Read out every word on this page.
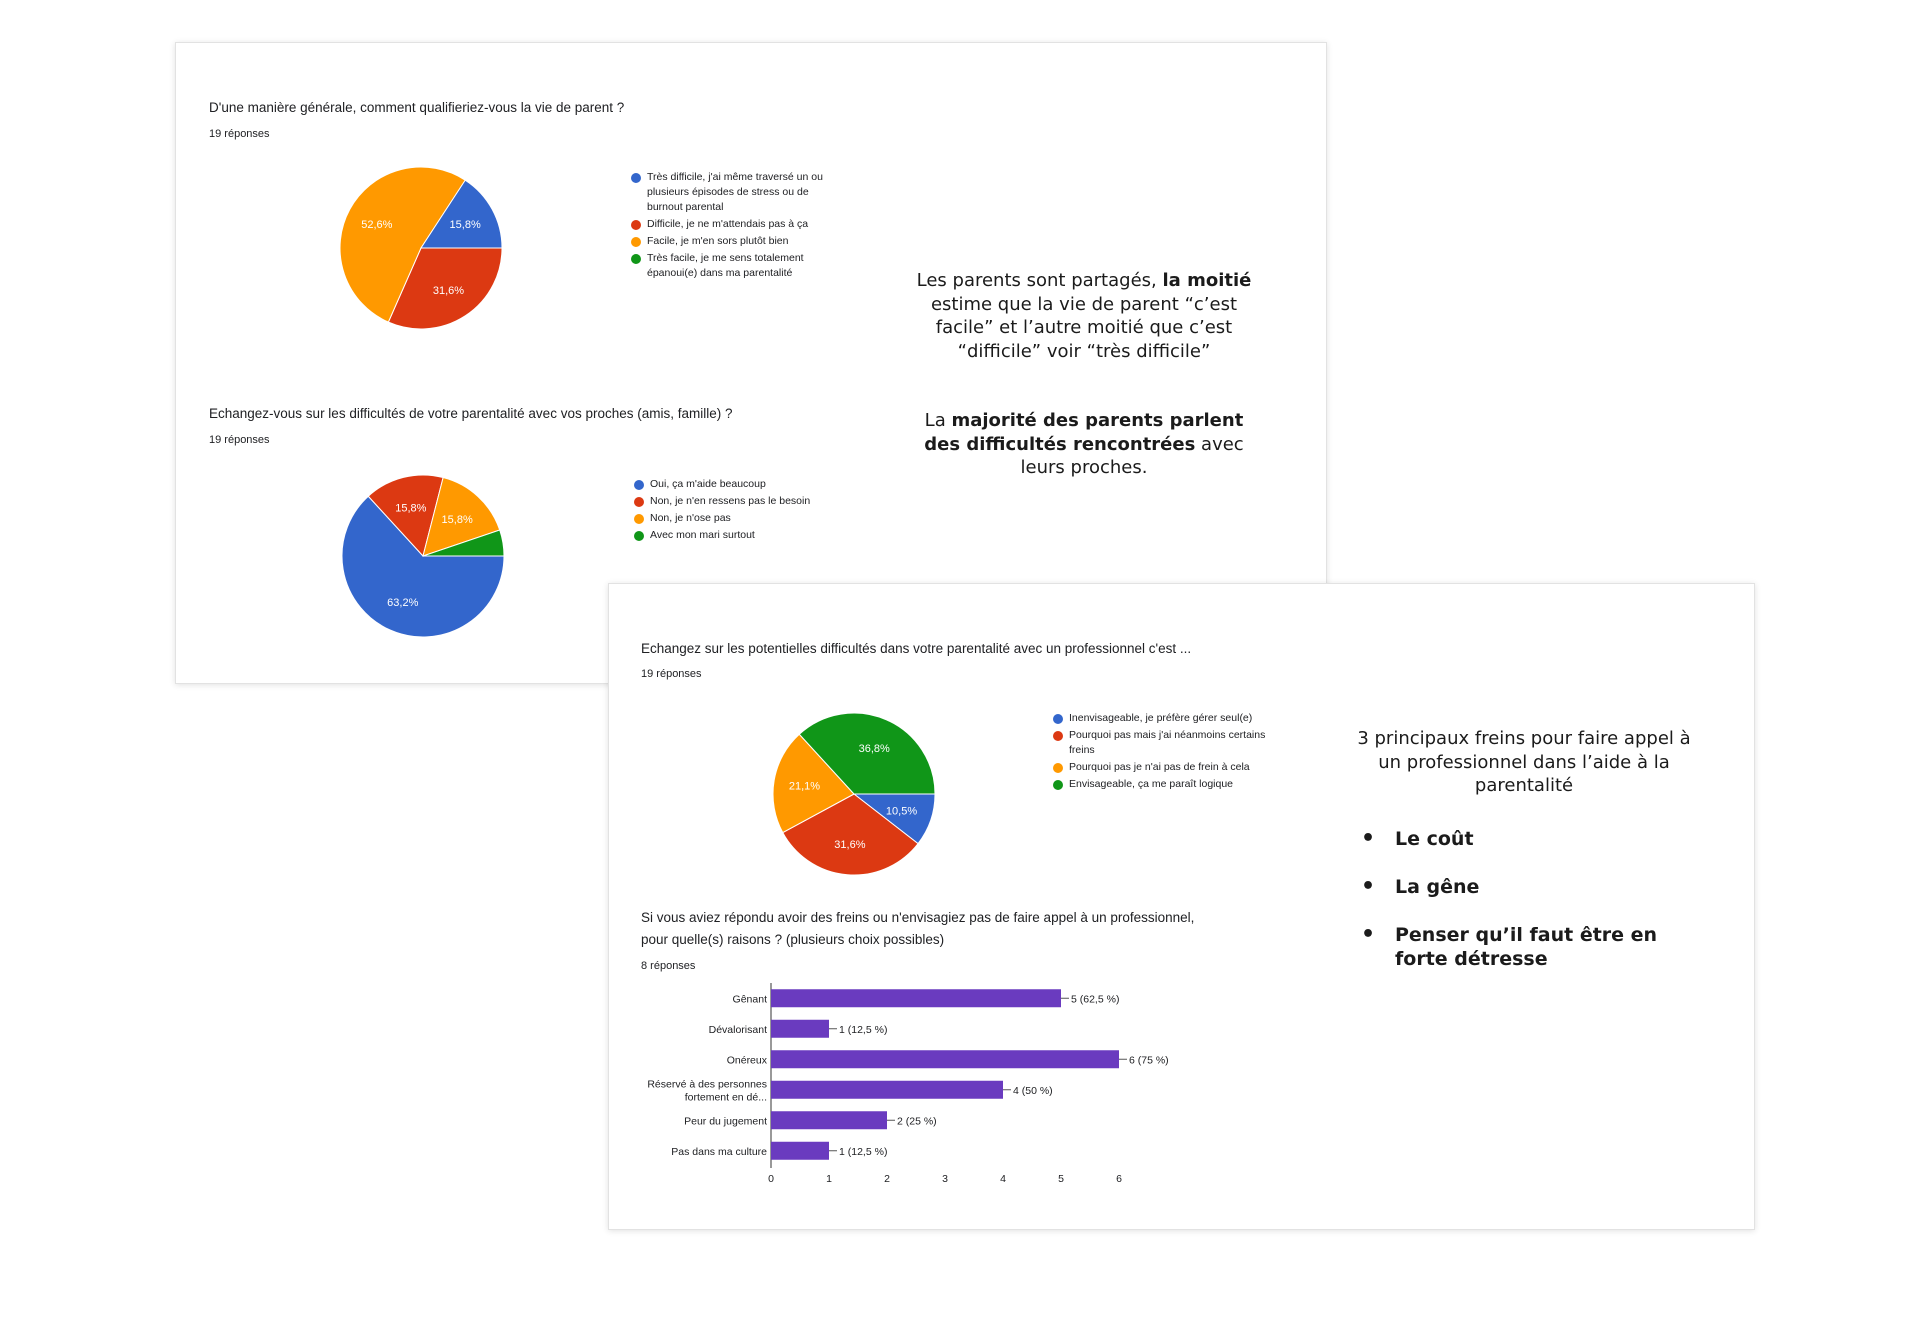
D'une manière générale, comment qualifieriez-vous la vie de parent ?
19 réponses
31,6%
52,6%	15,8%
Très difficile, j'ai même traversé un ou plusieurs épisodes de stress ou de burnout parental
Difficile, je ne m'attendais pas à ça
Facile, je m'en sors plutôt bien
Très facile, je me sens totalement épanoui(e) dans ma parentalité
Echangez-vous sur les difficultés de votre parentalité avec vos proches (amis, famille) ?
19 réponses
63,2%
15,8%
15,8%
Oui, ça m'aide beaucoup
Non, je n'en ressens pas le besoin
Non, je n'ose pas
Avec mon mari surtout

Les parents sont partagés, la moitié estime que la vie de parent “c’est facile” et l’autre moitié que c’est “difficile” voir “très difficile”

La majorité des parents parlent des difficultés rencontrées avec leurs proches.

Echangez sur les potentielles difficultés dans votre parentalité avec un professionnel c'est ...
19 réponses
10,5%
31,6%
21,1%
36,8%
Inenvisageable, je préfère gérer seul(e)
Pourquoi pas mais j'ai néanmoins certains freins
Pourquoi pas je n'ai pas de frein à cela
Envisageable, ça me paraît logique
Si vous aviez répondu avoir des freins ou n'envisagiez pas de faire appel à un professionnel,
pour quelle(s) raisons ? (plusieurs choix possibles)
8 réponses
Gênant	5 (62,5 %)
Dévalorisant	1 (12,5 %)
Onéreux	6 (75 %)
Réservé à des personnes
fortement en dé...
4 (50 %)
Peur du jugement	2 (25 %)
Pas dans ma culture	1 (12,5 %)
0	1	2	3	4	5	6
3 principaux freins pour faire appel à un professionnel dans l’aide à la parentalité
• Le coût
• La gêne
• Penser qu’il faut être en forte détresse
